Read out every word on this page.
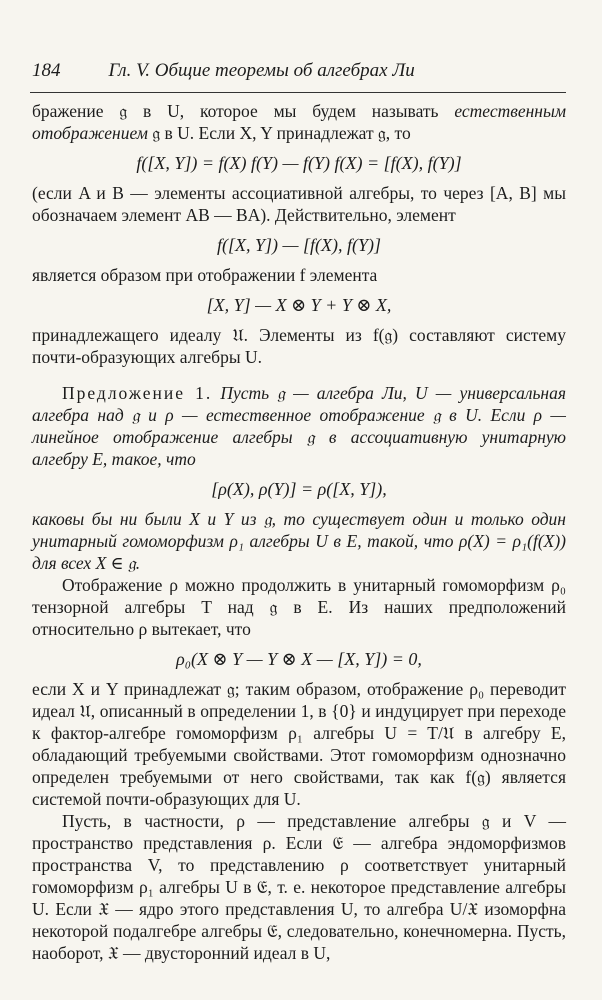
184	Гл. V. Общие теоремы об алгебрах Ли

бражение 𝔤 в U, которое мы будем называть естественным отображением 𝔤 в U. Если X, Y принадлежат 𝔤, то

f([X, Y]) = f(X) f(Y) — f(Y) f(X) = [f(X), f(Y)]

(если A и B — элементы ассоциативной алгебры, то через [A, B] мы обозначаем элемент AB — BA). Действительно, элемент

f([X, Y]) — [f(X), f(Y)]

является образом при отображении f элемента

[X, Y] — X ⊗ Y + Y ⊗ X,

принадлежащего идеалу 𝔘. Элементы из f(𝔤) составляют систему почти-образующих алгебры U.

Предложение 1. Пусть 𝔤 — алгебра Ли, U — универсальная алгебра над 𝔤 и ρ — естественное отображение 𝔤 в U. Если ρ — линейное отображение алгебры 𝔤 в ассоциативную унитарную алгебру E, такое, что

[ρ(X), ρ(Y)] = ρ([X, Y]),

каковы бы ни были X и Y из 𝔤, то существует один и только один унитарный гомоморфизм ρ₁ алгебры U в E, такой, что ρ(X) = ρ₁(f(X)) для всех X ∈ 𝔤.

Отображение ρ можно продолжить в унитарный гомоморфизм ρ₀ тензорной алгебры T над 𝔤 в E. Из наших предположений относительно ρ вытекает, что

ρ₀(X ⊗ Y — Y ⊗ X — [X, Y]) = 0,

если X и Y принадлежат 𝔤; таким образом, отображение ρ₀ переводит идеал 𝔘, описанный в определении 1, в {0} и индуцирует при переходе к фактор-алгебре гомоморфизм ρ₁ алгебры U = T/𝔘 в алгебру E, обладающий требуемыми свойствами. Этот гомоморфизм однозначно определен требуемыми от него свойствами, так как f(𝔤) является системой почти-образующих для U.

Пусть, в частности, ρ — представление алгебры 𝔤 и V — пространство представления ρ. Если 𝔈 — алгебра эндоморфизмов пространства V, то представлению ρ соответствует унитарный гомоморфизм ρ₁ алгебры U в 𝔈, т. е. некоторое представление алгебры U. Если 𝔛 — ядро этого представления U, то алгебра U/𝔛 изоморфна некоторой подалгебре алгебры 𝔈, следовательно, конечномерна. Пусть, наоборот, 𝔛 — двусторонний идеал в U,
